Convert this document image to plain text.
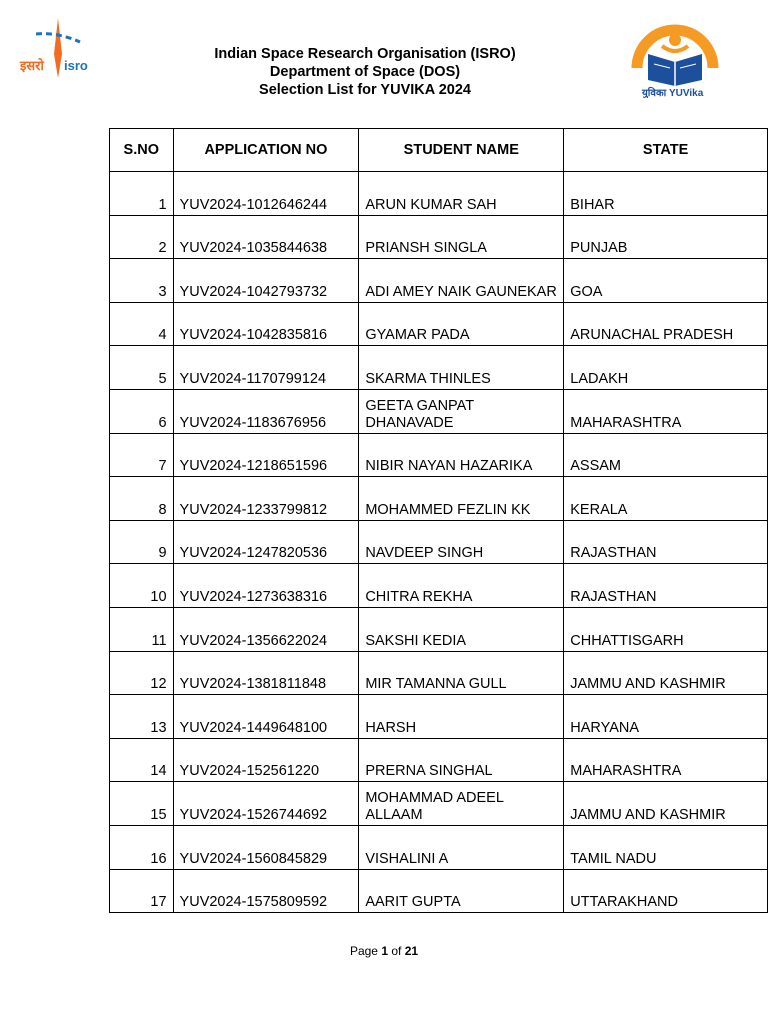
इसरो isro
युविका YUVika
Indian Space Research Organisation (ISRO)
Department of Space (DOS)
Selection List for YUVIKA 2024
S.NO	APPLICATION NO	STUDENT NAME	STATE
1	YUV2024-1012646244	ARUN KUMAR SAH	BIHAR
2	YUV2024-1035844638	PRIANSH SINGLA	PUNJAB
3	YUV2024-1042793732	ADI AMEY NAIK GAUNEKAR	GOA
4	YUV2024-1042835816	GYAMAR PADA	ARUNACHAL PRADESH
5	YUV2024-1170799124	SKARMA THINLES	LADAKH
6	YUV2024-1183676956	GEETA GANPAT DHANAVADE	MAHARASHTRA
7	YUV2024-1218651596	NIBIR NAYAN HAZARIKA	ASSAM
8	YUV2024-1233799812	MOHAMMED FEZLIN KK	KERALA
9	YUV2024-1247820536	NAVDEEP SINGH	RAJASTHAN
10	YUV2024-1273638316	CHITRA REKHA	RAJASTHAN
11	YUV2024-1356622024	SAKSHI KEDIA	CHHATTISGARH
12	YUV2024-1381811848	MIR TAMANNA GULL	JAMMU AND KASHMIR
13	YUV2024-1449648100	HARSH	HARYANA
14	YUV2024-152561220	PRERNA SINGHAL	MAHARASHTRA
15	YUV2024-1526744692	MOHAMMAD ADEEL ALLAAM	JAMMU AND KASHMIR
16	YUV2024-1560845829	VISHALINI A	TAMIL NADU
17	YUV2024-1575809592	AARIT GUPTA	UTTARAKHAND
Page 1 of 21
